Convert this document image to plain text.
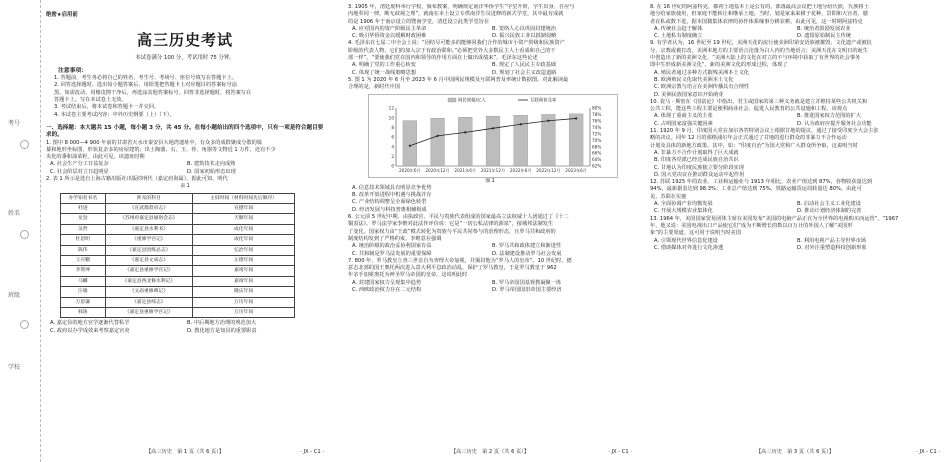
考号
姓名
班级
学校
绝密★启用前
高三历史考试
本试卷满分 100 分，考试用时 75 分钟。
注意事项：

1. 答题前，考生务必将自己的姓名、考生号、考场号、座位号填写在答题卡上。

2. 回答选择题时，选出每小题答案后，用铅笔把答题卡上对应题目的答案标号涂

黑。如需改动，用橡皮擦干净后，再选涂其他答案标号。回答非选择题时，将答案写在

答题卡上。写在本试卷上无效。

3. 考试结束后，将本试卷和答题卡一并交回。

4. 本试卷主要考试内容：中外历史纲要（上）（下）。

一、选择题：本大题共 15 小题，每小题 3 分，共 45 分。在每小题给出的四个选项中，只有一项是符合题目要求的。

1. 图中 8 000—4 900 年前的甘肃省天水市秦安县大地湾遗址中，有众多的成群聚成分散的篇

幕和地形坐标图，形状复杂多的房屋建筑；出土陶器、石、玉、骨、角器等文物近 1 万件，还有不少

夹化的黍和油菜籽。由此可见，该遗址时期

A. 社会生产分工日益复杂	B. 建筑技术走向成熟
C. 社会阶层对立日趋明显	D. 国家初始形态出现

2. 表 1 所示是选自上海古籍出版社出版的明代（嘉定府海属）。据此可知，明代

表 1
办学知名书名	涉及的科目	主诉时间（材料时间先后顺序）
杜进	《宣武都督府志》	宣德年间
龙登	《苏州府嘉定县通俗会志》	天顺年间
吴哲	《嘉定县水利书》	成化年间
杜恩明	《重修学宫记》	成化年间
陈伟	《嘉定县团练总志》	弘治年间
王应鹏	《嘉定县文成志》	正德年间
李资坤	《嘉定县重修学宫记》	嘉靖年间
马麟	《嘉定县西北修水利记》	嘉靖年间
汪瑜	《文庙重修碑记》	隆庆年间
万思谦	《嘉定县续志》	万历年间
韩浚	《嘉定县重修学宫记》	万历年间
A. 嘉定县的地方官学逐渐代替私学	B. 中后期地方治理的规范加大
C. 政府以办学成效来考察嘉定官吏	D. 教化地方是知县的重要职责
【高三历史　第 1 页（共 6 页）】	· JX - C1 ·

3. 1905 年，清廷废科举行学校，颁布教案，明确规定南洋华侨学生“学堂升阶，学生出身，自应与

内地奉同一律，断无歧视之理”，就南在本土设立专供南洋生员进修的新式学堂，其中最有成就

的是 1906 年于南京设立的暨南学堂。清廷设立此类学堂旨在

A. 应对国内的资产阶级民主革命	B. 笼络人心以巩固封建统治
C. 吸引华侨资金以缓解财政困难	D. 振兴民族工业以抵制侵略

4. 毛泽东在七届二中全会上说：“因结尽可能多的能够同我们合作的城市小资产阶级和民族资产

阶级的代表人物，它们的加入宗于有政治联和。”必须把党外大多数民主人士看成和自己的干

部一样”，“要使我们党在国内和领导的作用方面在上做出成绩来”，毛泽东这些论述

A. 明确了党的工作重心转变	B. 规定了人民民主专政基础
C. 体现了统一战线策略思想	D. 规划了社会主义改造道路

5. 图 1 为 2020 年 6 月至 2023 年 6 月中国网民规模及互联网普及率统计数据图。对此解读最

合理的是，新时代中国

12
10
8
6
4
2
0
80%
78%
76%
74%
72%
70%
68%
66%
64%
62%
2020年6月 2020年12月 2021年6月 2021年12月 2022年6月 2022年12月 2023年6月
网民规模/亿人	互联网普及率
图 1
A. 信息技术领域具有明显竞争优势
B. 改革开放进程中机遇与挑战并存
C. 产业结构调整呈全面绿色转型
D. 经济发展与科技普惠相辅相成

6. 公元前 5 世纪中期，由执政官、平民与贵族代表组成的国家最高立法权威十人团通过了《十二

铜表法》。罗马法学家李维对此法作评价说：它是“一切公私法律的源泉”，接城邦法制发生

了变化。国家权力由“王政”模式转化为贵族与平民共同参与的治理形态，且罗马共和政府的

制度结构发到了严格约束。李维意在强调

A. 统治阶级的政治妥协利国家有益	B. 罗马共和政体建立和渐进性
C. 共和制是罗马法发展的重要保障	D. 法制建设推动罗马社会发展

7. 800 年，罗马教皇立查三世亲自为查理大帝加冕，并颁封他为“罗马人的皇帝”。10 世纪时，德

意志北部的国王奥托两次进入意大利平息政治动乱，保护了罗马教皇，于是罗马教皇于 962

年亲手加冕奥托为神圣罗马帝国的皇帝。这说明此时

A. 封建国家权力呈现集中趋势	B. 罗马帝国国基督教凝聚一体
C. 西欧政治权力存在二元结构	D. 罗马帝国国旧帝国主要经济
【高三历史　第 2 页（共 6 页）】	· JX - C1 ·

8. 在 16 世纪的阿兹特克，都初土地基本上是公有的，部落最高会议把土地分给氏族，氏族将土

地分给家族使用，但家庭不能转让和继承土地。当时，划是家来来耕子花种，景阳和大宫者、膳

者在私或数下进，据本国微集体农律的协作体系缘事分耕农耕。由此可见，这一时期阿兹特克

A. 传统社会趋于解体	B. 统治者鼓励发展农业
C. 土地私有制度确立	D. 遗留原始制民主传统

9. 有学者认为，16 世纪至 19 世纪，美洲天花的流行使美洲印第安语族被摧毁，文化遗产或被抗

分，宗教或被打改，美洲本地方的主要语言沦落为白人内的当地语言；美洲天花在文明日的诞生

中创造出了新的美洲文化，“美洲大陆上的文化在对立的不与环境中获取了有世界的社会事务

即中生形成新美洲文化”，新的美洲文化的形成过程，体现了

A. 殖民者通过多种方式摧残美洲本土文化
B. 欧洲殖民文化取代美洲本土文化
C. 欧洲宗教与语言在美洲传播具有合理性
D. 美洲民族国家意识开始萌芽

10. 瓷马 · 斯密在《国富论》中指出，君主或国家的第三种义务就是建立并维持某些公共机关和

公共工程，能这些工程主要是便利商业社会、促进人民教育的公共设施和工程。该观点

A. 体现了重商主义的主张	B. 推进国家权力范围的扩大
C. 占明国家富强关键因素	D. 认为政府应提升服务社会功能

11. 1920 年 9 月，印度国大党在加尔各答特别会议上根据甘地的提议，通过了接受印度全大会主张

略的决议。同年 12 月的那格浦尔年会正式通过了甘地的进行群众的非暴力不合作运动

计划及具体的新地方政策。其中，如：“印度自治”为国大党和广大群众所争取，这说明当时

A. 非暴力不合作计划取得了巨大成就
B. 印度各党派已经达成民族自治共识
C. 甘地认为印度民族独立要分阶段实现
D. 国大党决议在推动群众运动中起作用

12. 苏联 1925 年的农业、工业和运输业与 1913 年相比，农业产值达到 87%，谷物收获量达到

94%，最新据表达到 98.3%；工业总产值达到 75%，铁路运输货运周转量达 80%。由此可

见，苏联在实施

A. 全面协调产业均衡发展	B. 启动社会主义工业化建设
C. 开展大规模农业集体化	D. 推动计划经济体制的完善

13. 1964 年，美国国家贸易团体主席在美国发布“美国的电脑产品正在为全世界的电视购买而运营”，“1967

年，他又说：美国电视出口产品使它们“成为不断增长的数以百万计的外国人了解“美国形

象”的主要渠道。这可用于说明当时美国

A. 引领现代世界信息化建设	B. 利用电视产品主导世界市场
C. 借助媒体对外进行文化渗透	D. 对外注重塑造科技创新形象
【高三历史　第 3 页（共 6 页）】	· JX - C1 ·
